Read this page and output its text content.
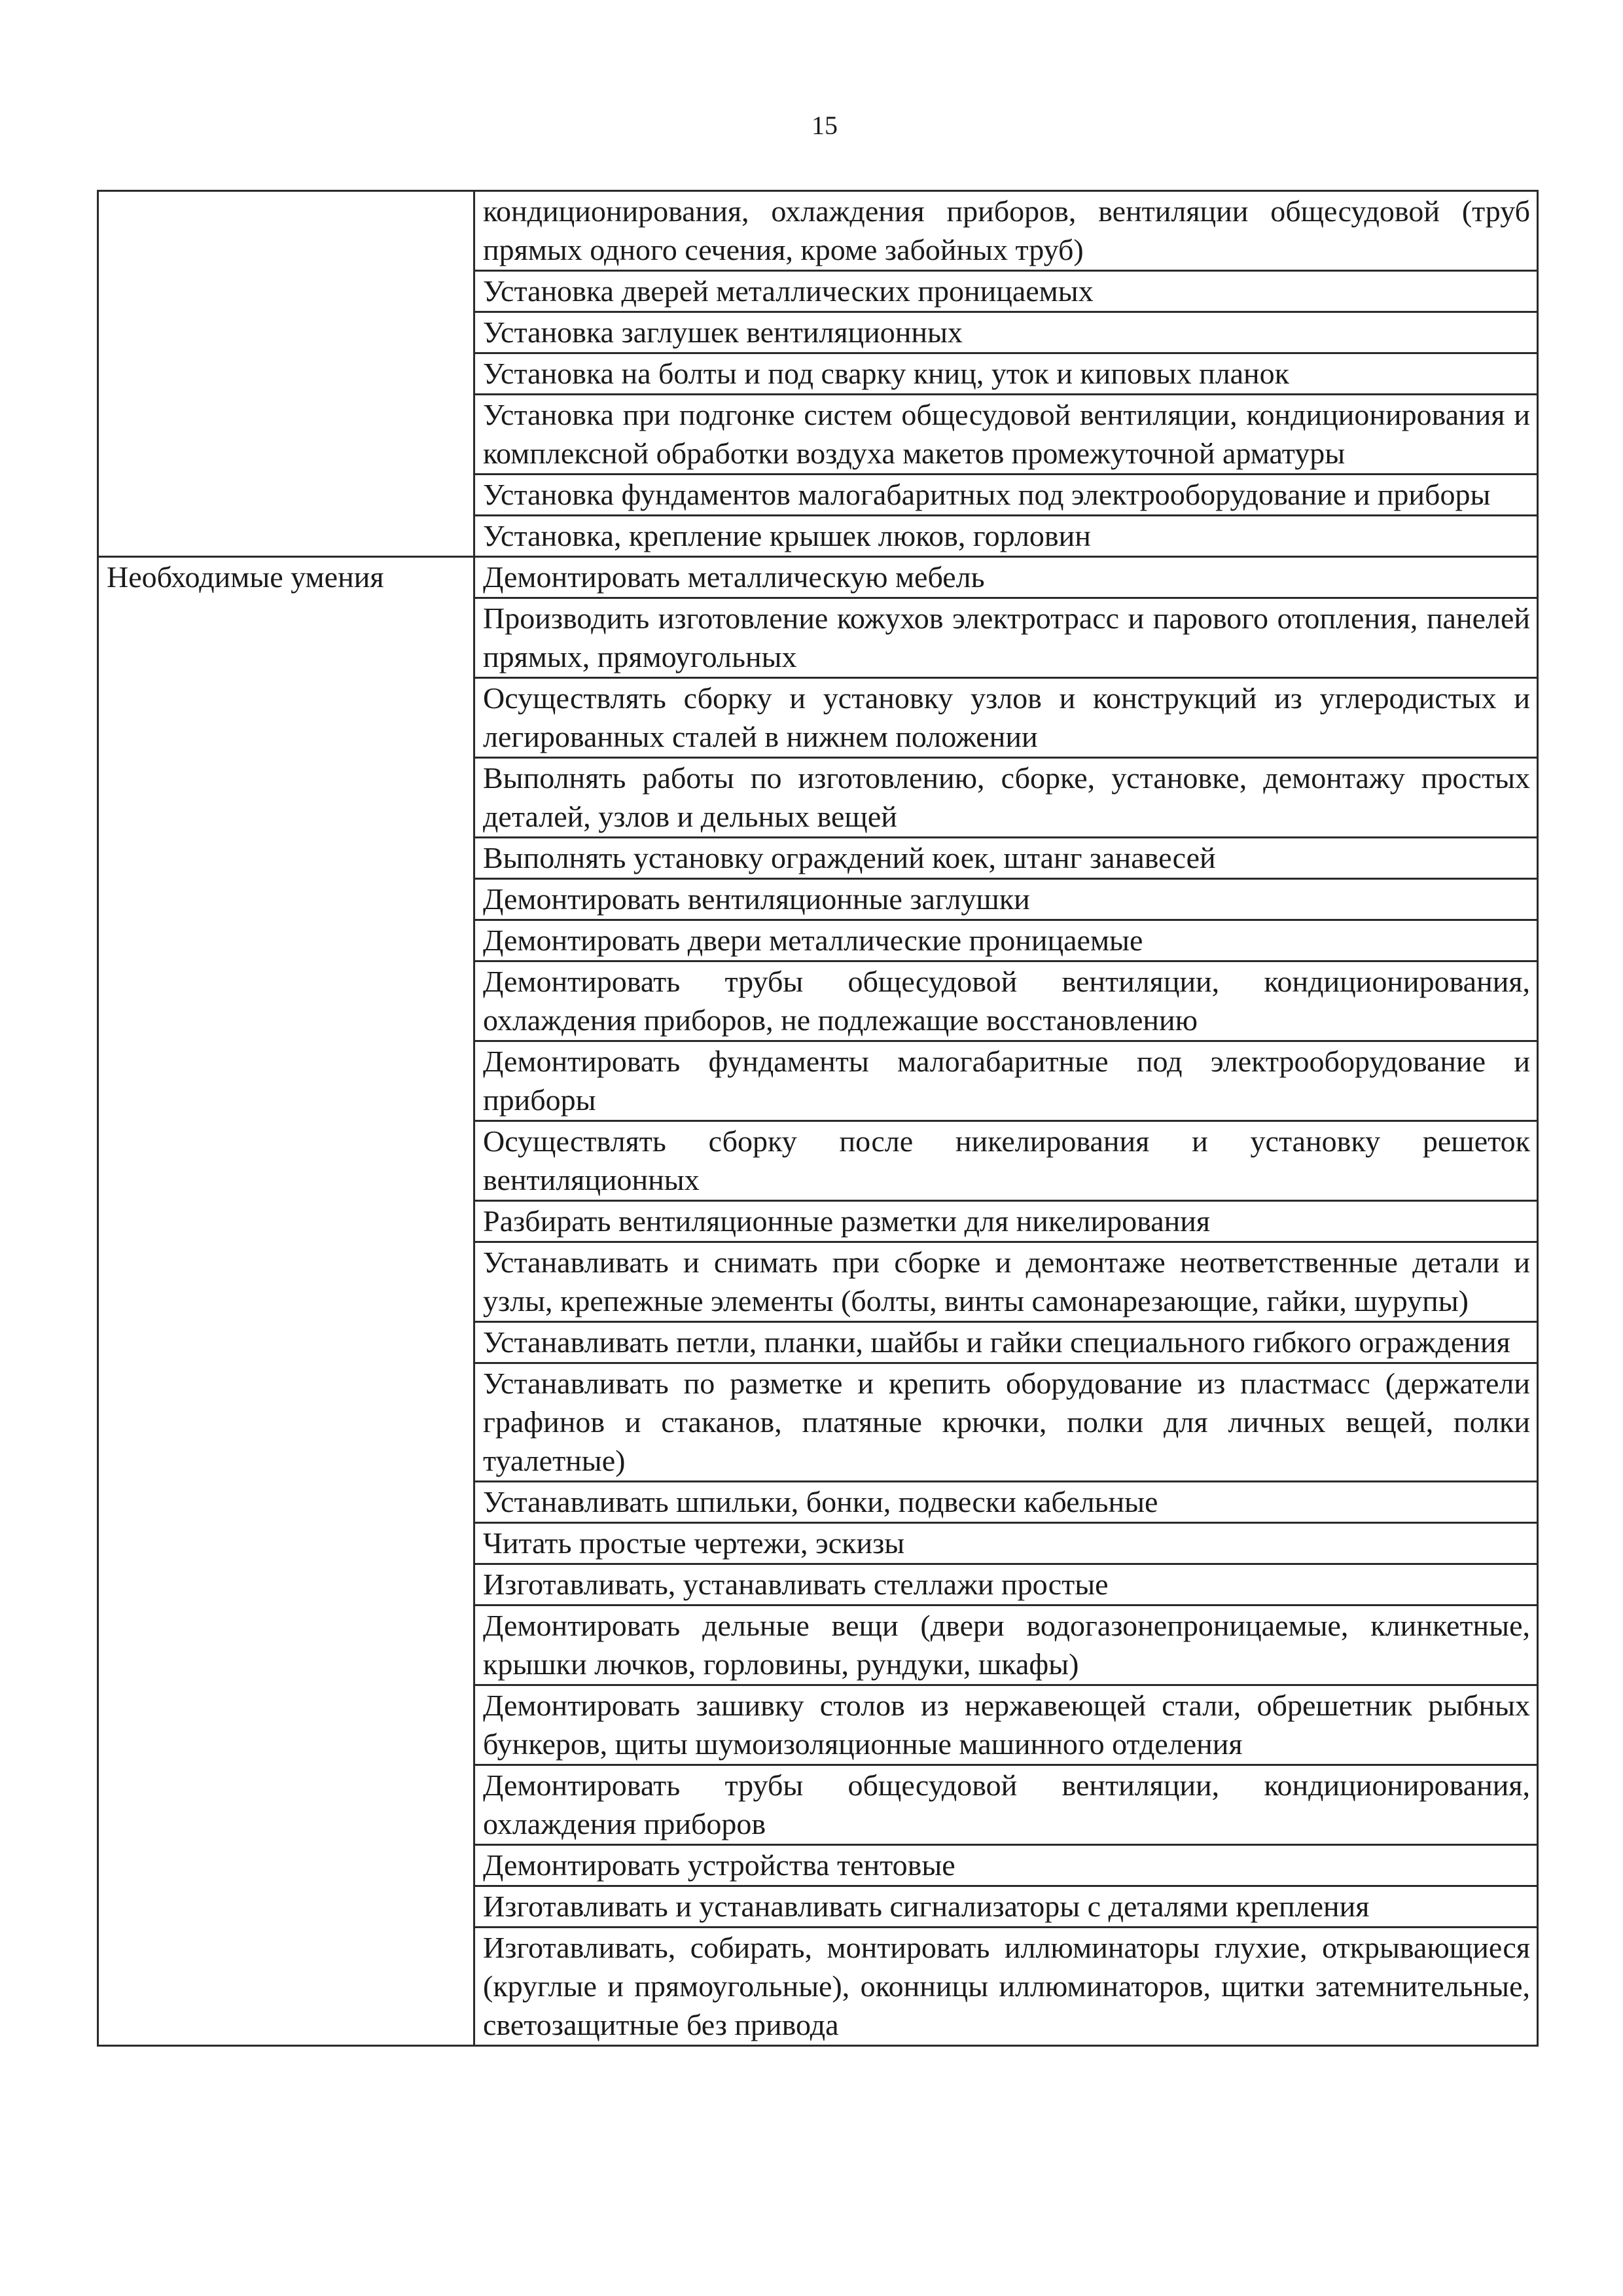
15
	кондиционирования, охлаждения приборов, вентиляции общесудовой (труб прямых одного сечения, кроме забойных труб)
	Установка дверей металлических проницаемых
	Установка заглушек вентиляционных
	Установка на болты и под сварку книц, уток и киповых планок
	Установка при подгонке систем общесудовой вентиляции, кондиционирования и комплексной обработки воздуха макетов промежуточной арматуры
	Установка фундаментов малогабаритных под электрооборудование и приборы
	Установка, крепление крышек люков, горловин
Необходимые умения	Демонтировать металлическую мебель
	Производить изготовление кожухов электротрасс и парового отопления, панелей прямых, прямоугольных
	Осуществлять сборку и установку узлов и конструкций из углеродистых и легированных сталей в нижнем положении
	Выполнять работы по изготовлению, сборке, установке, демонтажу простых деталей, узлов и дельных вещей
	Выполнять установку ограждений коек, штанг занавесей
	Демонтировать вентиляционные заглушки
	Демонтировать двери металлические проницаемые
	Демонтировать трубы общесудовой вентиляции, кондиционирования, охлаждения приборов, не подлежащие восстановлению
	Демонтировать фундаменты малогабаритные под электрооборудование и приборы
	Осуществлять сборку после никелирования и установку решеток вентиляционных
	Разбирать вентиляционные разметки для никелирования
	Устанавливать и снимать при сборке и демонтаже неответственные детали и узлы, крепежные элементы (болты, винты самонарезающие, гайки, шурупы)
	Устанавливать петли, планки, шайбы и гайки специального гибкого ограждения
	Устанавливать по разметке и крепить оборудование из пластмасс (держатели графинов и стаканов, платяные крючки, полки для личных вещей, полки туалетные)
	Устанавливать шпильки, бонки, подвески кабельные
	Читать простые чертежи, эскизы
	Изготавливать, устанавливать стеллажи простые
	Демонтировать дельные вещи (двери водогазонепроницаемые, клинкетные, крышки лючков, горловины, рундуки, шкафы)
	Демонтировать зашивку столов из нержавеющей стали, обрешетник рыбных бункеров, щиты шумоизоляционные машинного отделения
	Демонтировать трубы общесудовой вентиляции, кондиционирования, охлаждения приборов
	Демонтировать устройства тентовые
	Изготавливать и устанавливать сигнализаторы с деталями крепления
	Изготавливать, собирать, монтировать иллюминаторы глухие, открывающиеся (круглые и прямоугольные), оконницы иллюминаторов, щитки затемнительные, светозащитные без привода
